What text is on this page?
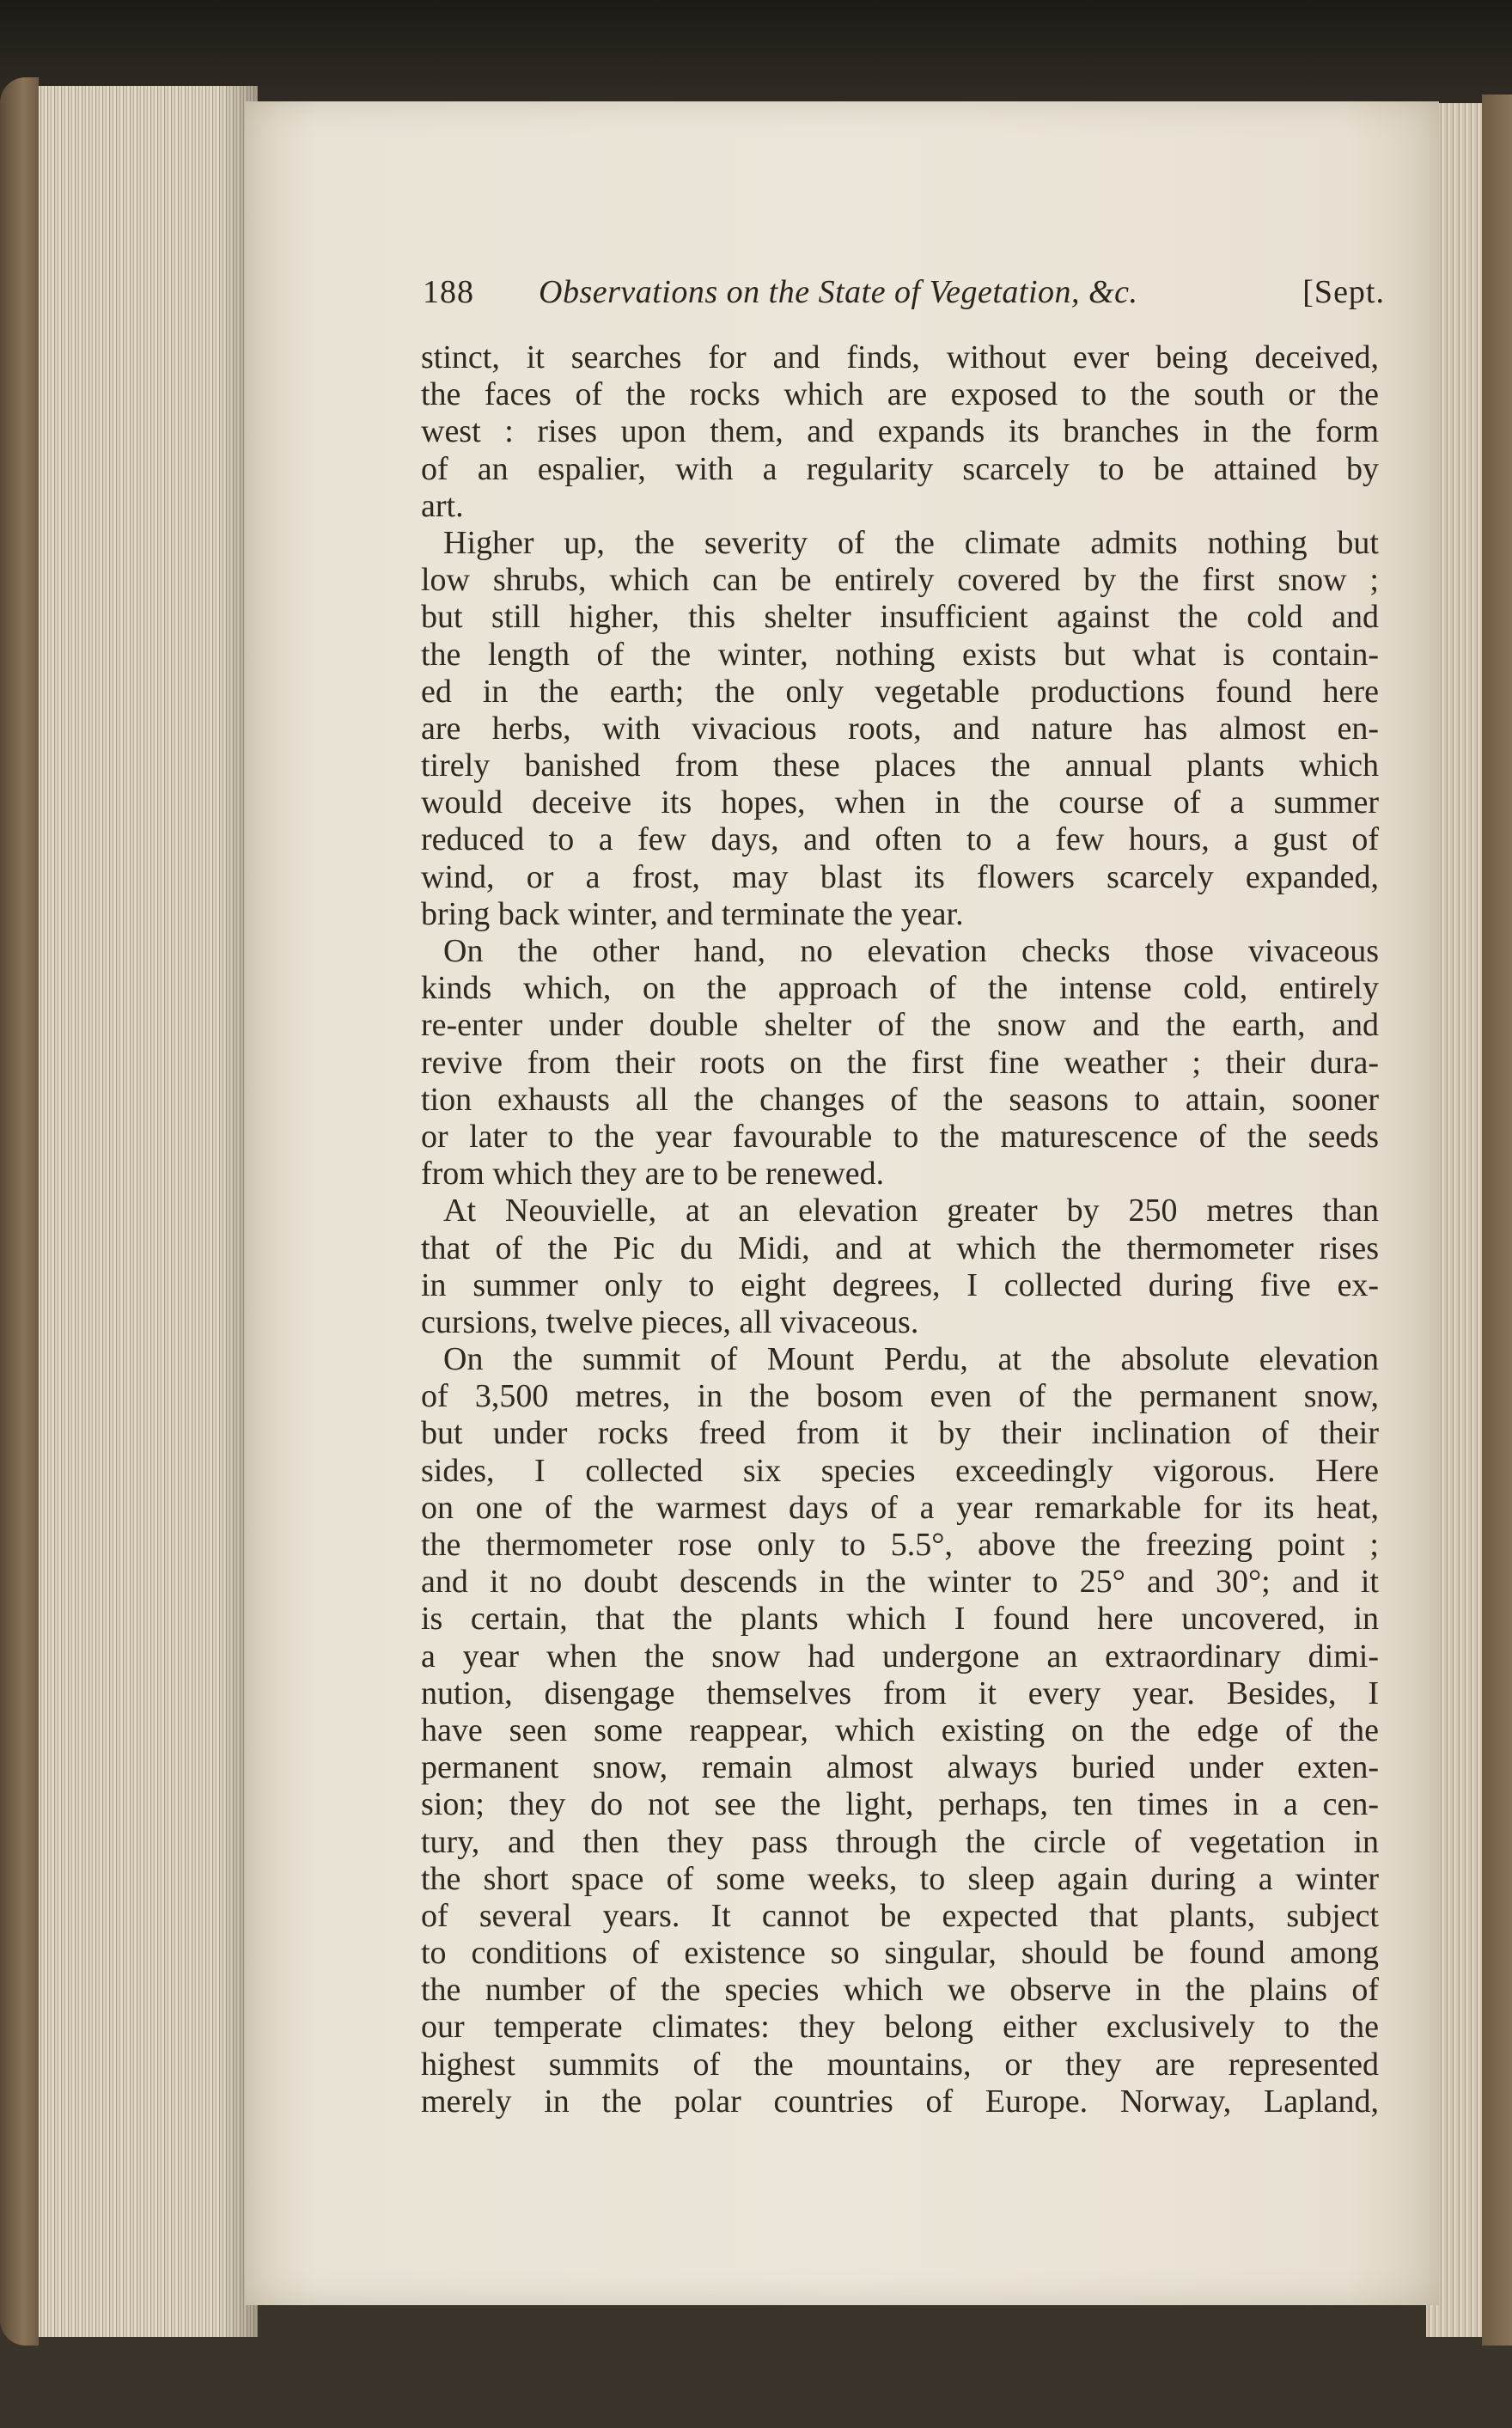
188 Observations on the State of Vegetation, &c.	[Sept.
stinct, it searches for and finds, without ever being deceived,
the faces of the rocks which are exposed to the south or the
west : rises upon them, and expands its branches in the form
of an espalier, with a regularity scarcely to be attained by
art.
Higher up, the severity of the climate admits nothing but
low shrubs, which can be entirely covered by the first snow ;
but still higher, this shelter insufficient against the cold and
the length of the winter, nothing exists but what is contain-
ed in the earth; the only vegetable productions found here
are herbs, with vivacious roots, and nature has almost en-
tirely banished from these places the annual plants which
would deceive its hopes, when in the course of a summer
reduced to a few days, and often to a few hours, a gust of
wind, or a frost, may blast its flowers scarcely expanded,
bring back winter, and terminate the year.
On the other hand, no elevation checks those vivaceous
kinds which, on the approach of the intense cold, entirely
re-enter under double shelter of the snow and the earth, and
revive from their roots on the first fine weather ; their dura-
tion exhausts all the changes of the seasons to attain, sooner
or later to the year favourable to the maturescence of the seeds
from which they are to be renewed.
At Neouvielle, at an elevation greater by 250 metres than
that of the Pic du Midi, and at which the thermometer rises
in summer only to eight degrees, I collected during five ex-
cursions, twelve pieces, all vivaceous.
On the summit of Mount Perdu, at the absolute elevation
of 3,500 metres, in the bosom even of the permanent snow,
but under rocks freed from it by their inclination of their
sides, I collected six species exceedingly vigorous. Here
on one of the warmest days of a year remarkable for its heat,
the thermometer rose only to 5.5°, above the freezing point ;
and it no doubt descends in the winter to 25° and 30°; and it
is certain, that the plants which I found here uncovered, in
a year when the snow had undergone an extraordinary dimi-
nution, disengage themselves from it every year. Besides, I
have seen some reappear, which existing on the edge of the
permanent snow, remain almost always buried under exten-
sion; they do not see the light, perhaps, ten times in a cen-
tury, and then they pass through the circle of vegetation in
the short space of some weeks, to sleep again during a winter
of several years. It cannot be expected that plants, subject
to conditions of existence so singular, should be found among
the number of the species which we observe in the plains of
our temperate climates: they belong either exclusively to the
highest summits of the mountains, or they are represented
merely in the polar countries of Europe. Norway, Lapland,
